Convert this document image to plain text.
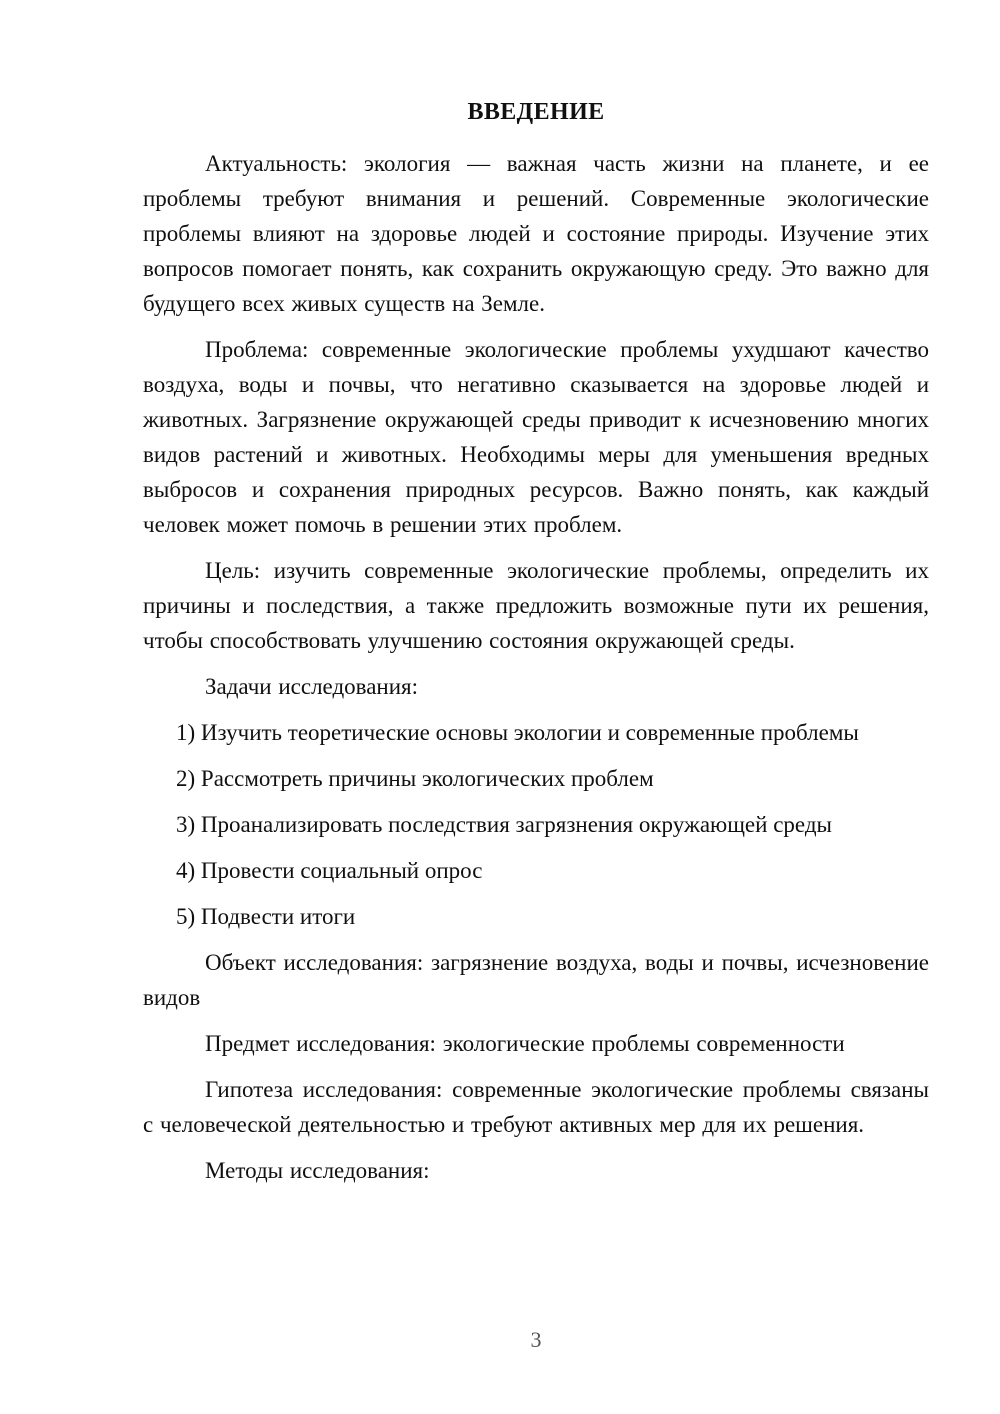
ВВЕДЕНИЕ

Актуальность: экология — важная часть жизни на планете, и ее проблемы требуют внимания и решений. Современные экологические проблемы влияют на здоровье людей и состояние природы. Изучение этих вопросов помогает понять, как сохранить окружающую среду. Это важно для будущего всех живых существ на Земле.

Проблема: современные экологические проблемы ухудшают качество воздуха, воды и почвы, что негативно сказывается на здоровье людей и животных. Загрязнение окружающей среды приводит к исчезновению многих видов растений и животных. Необходимы меры для уменьшения вредных выбросов и сохранения природных ресурсов. Важно понять, как каждый человек может помочь в решении этих проблем.

Цель: изучить современные экологические проблемы, определить их причины и последствия, а также предложить возможные пути их решения, чтобы способствовать улучшению состояния окружающей среды.

Задачи исследования:

1) Изучить теоретические основы экологии и современные проблемы

2) Рассмотреть причины экологических проблем

3) Проанализировать последствия загрязнения окружающей среды

4) Провести социальный опрос

5) Подвести итоги

Объект исследования: загрязнение воздуха, воды и почвы, исчезновение видов

Предмет исследования: экологические проблемы современности

Гипотеза исследования: современные экологические проблемы связаны с человеческой деятельностью и требуют активных мер для их решения.

Методы исследования:

3
